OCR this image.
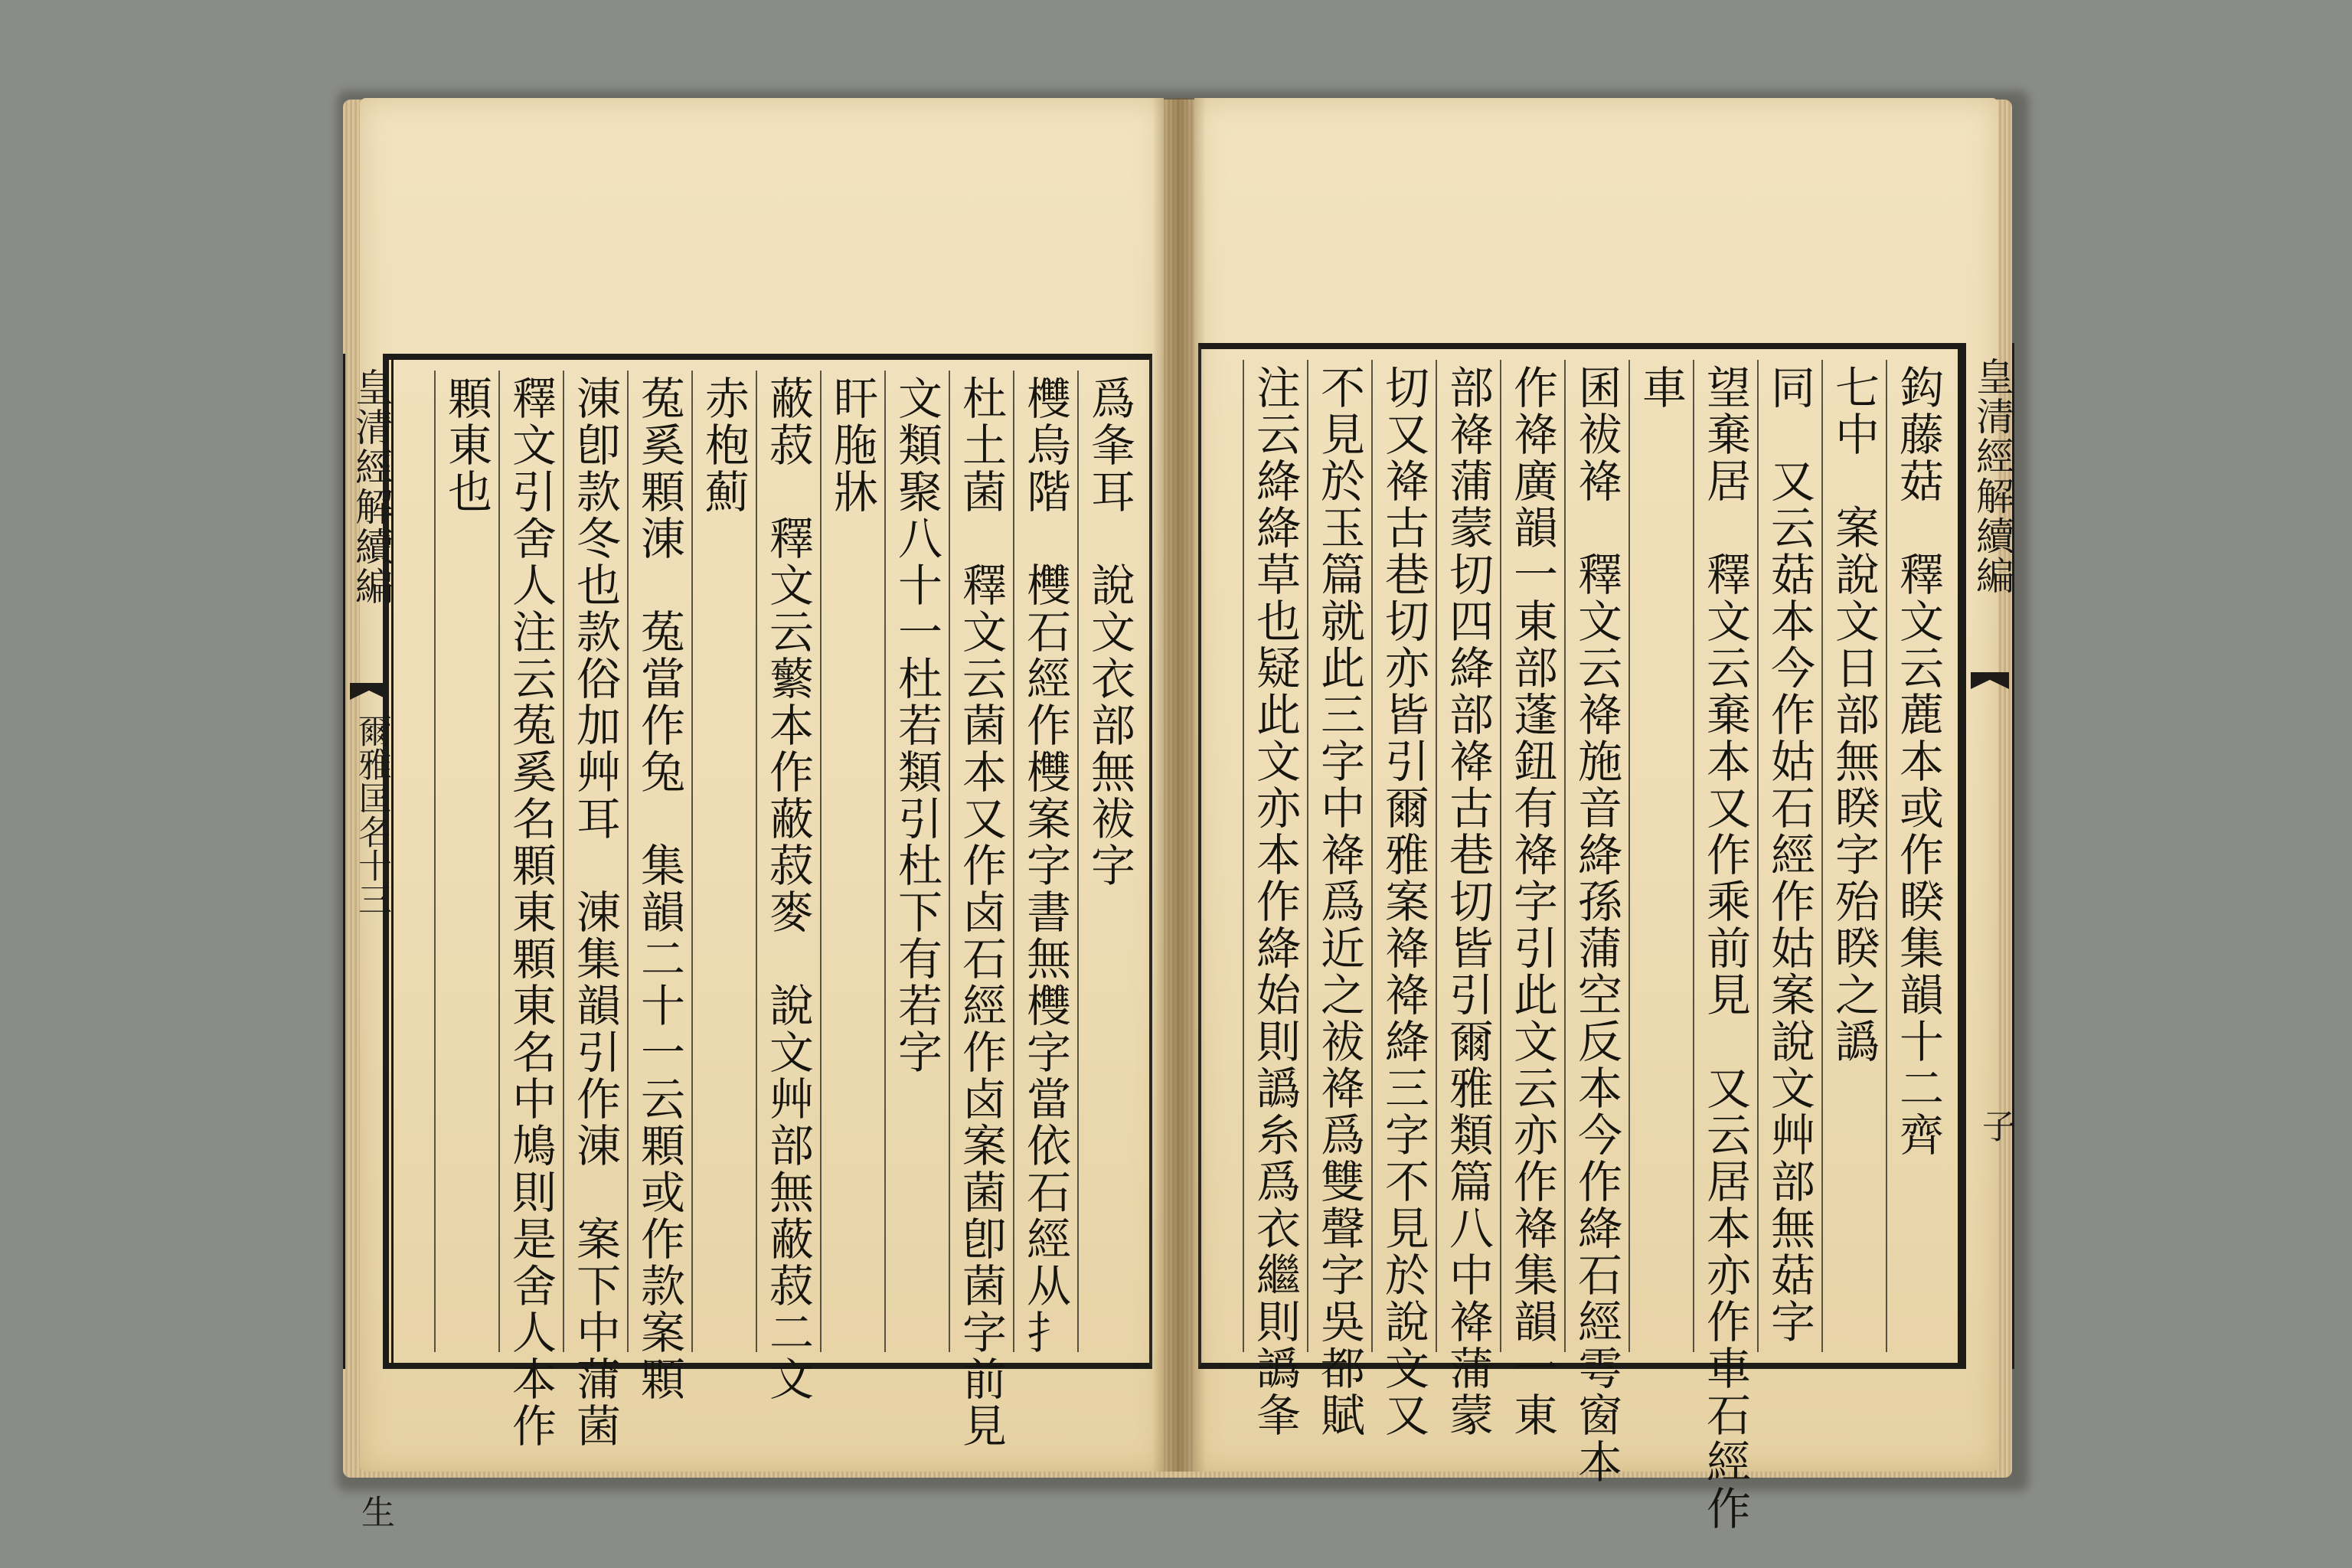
鈎藤菇　釋文云蔍本或作睽集韻十二齊
七中　案說文日部無睽字殆睽之譌
同　又云菇本今作姑石經作姑案說文艸部無菇字
望棄居　釋文云棄本又作乘前見　又云居本亦作車石經作
車
囷袚袶　釋文云袶施音絳孫蒲空反本今作絳石經雩窗本
作袶廣韻一東部蓬鈕有袶字引此文云亦作袶集韻一東
部袶蒲蒙切四絳部袶古巷切皆引爾雅類篇八中袶蒲蒙
切又袶古巷切亦皆引爾雅案袶袶絳三字不見於說文又
不見於玉篇就此三字中袶爲近之袚袶爲雙聲字吳都賦
注云絳絳草也疑此文亦本作絳始則譌糸爲衣繼則譌夆	皇清經解續編
子
爲夆耳　說文衣部無袚字
欆烏階　欆石經作欆案字書無欆字當依石經从扌
杜土菌　釋文云菌本又作卤石經作卤案菌卽菌字前見
文類聚八十一杜若類引杜下有若字
盰胣牀
蔽菽　釋文云蘩本作蔽菽麥　說文艸部無蔽菽二文
赤枹薊
菟奚顆涷　菟當作兔　集韻二十一云顆或作款案顆
涷卽款冬也款俗加艸耳　涷集韻引作涷　案下中蒲菌
釋文引舍人注云菟奚名顆東顆東名中鳩則是舍人本作
顆東也
皇清經解續編
爾雅匡名十三
生
